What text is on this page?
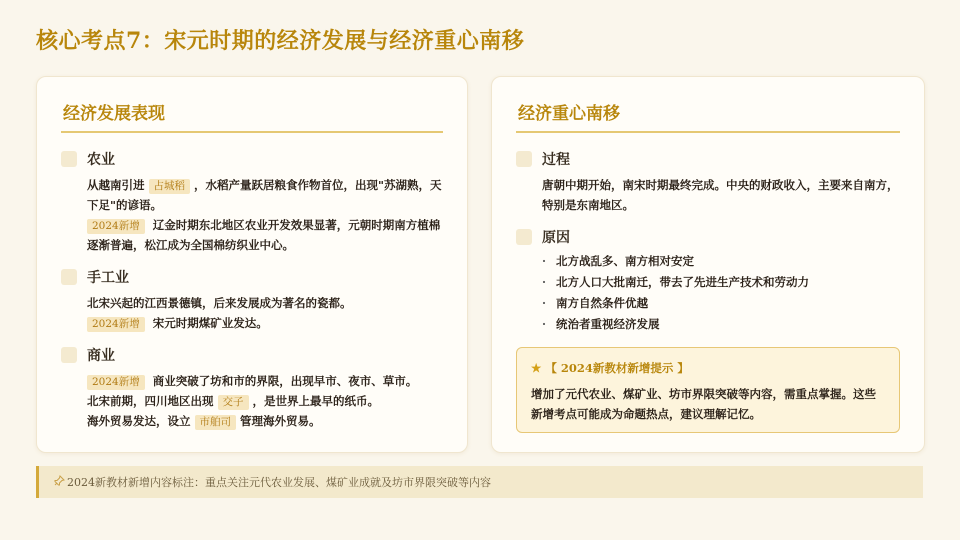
核心考点7：宋元时期的经济发展与经济重心南移
经济发展表现
农业
从越南引进 占城稻 ，水稻产量跃居粮食作物首位，出现"苏湖熟，天下足"的谚语。
2024新增 辽金时期东北地区农业开发效果显著，元朝时期南方植棉逐渐普遍，松江成为全国棉纺织业中心。
手工业
北宋兴起的江西景德镇，后来发展成为著名的瓷都。
2024新增 宋元时期煤矿业发达。
商业
2024新增 商业突破了坊和市的界限，出现早市、夜市、草市。
北宋前期，四川地区出现 交子 ，是世界上最早的纸币。
海外贸易发达，设立 市舶司 管理海外贸易。
经济重心南移
过程
唐朝中期开始，南宋时期最终完成。中央的财政收入，主要来自南方，特别是东南地区。
原因
· 北方战乱多、南方相对安定
· 北方人口大批南迁，带去了先进生产技术和劳动力
· 南方自然条件优越
· 统治者重视经济发展
★ 【 2024新教材新增提示 】
增加了元代农业、煤矿业、坊市界限突破等内容，需重点掌握。这些新增考点可能成为命题热点，建议理解记忆。
2024新教材新增内容标注：重点关注元代农业发展、煤矿业成就及坊市界限突破等内容
